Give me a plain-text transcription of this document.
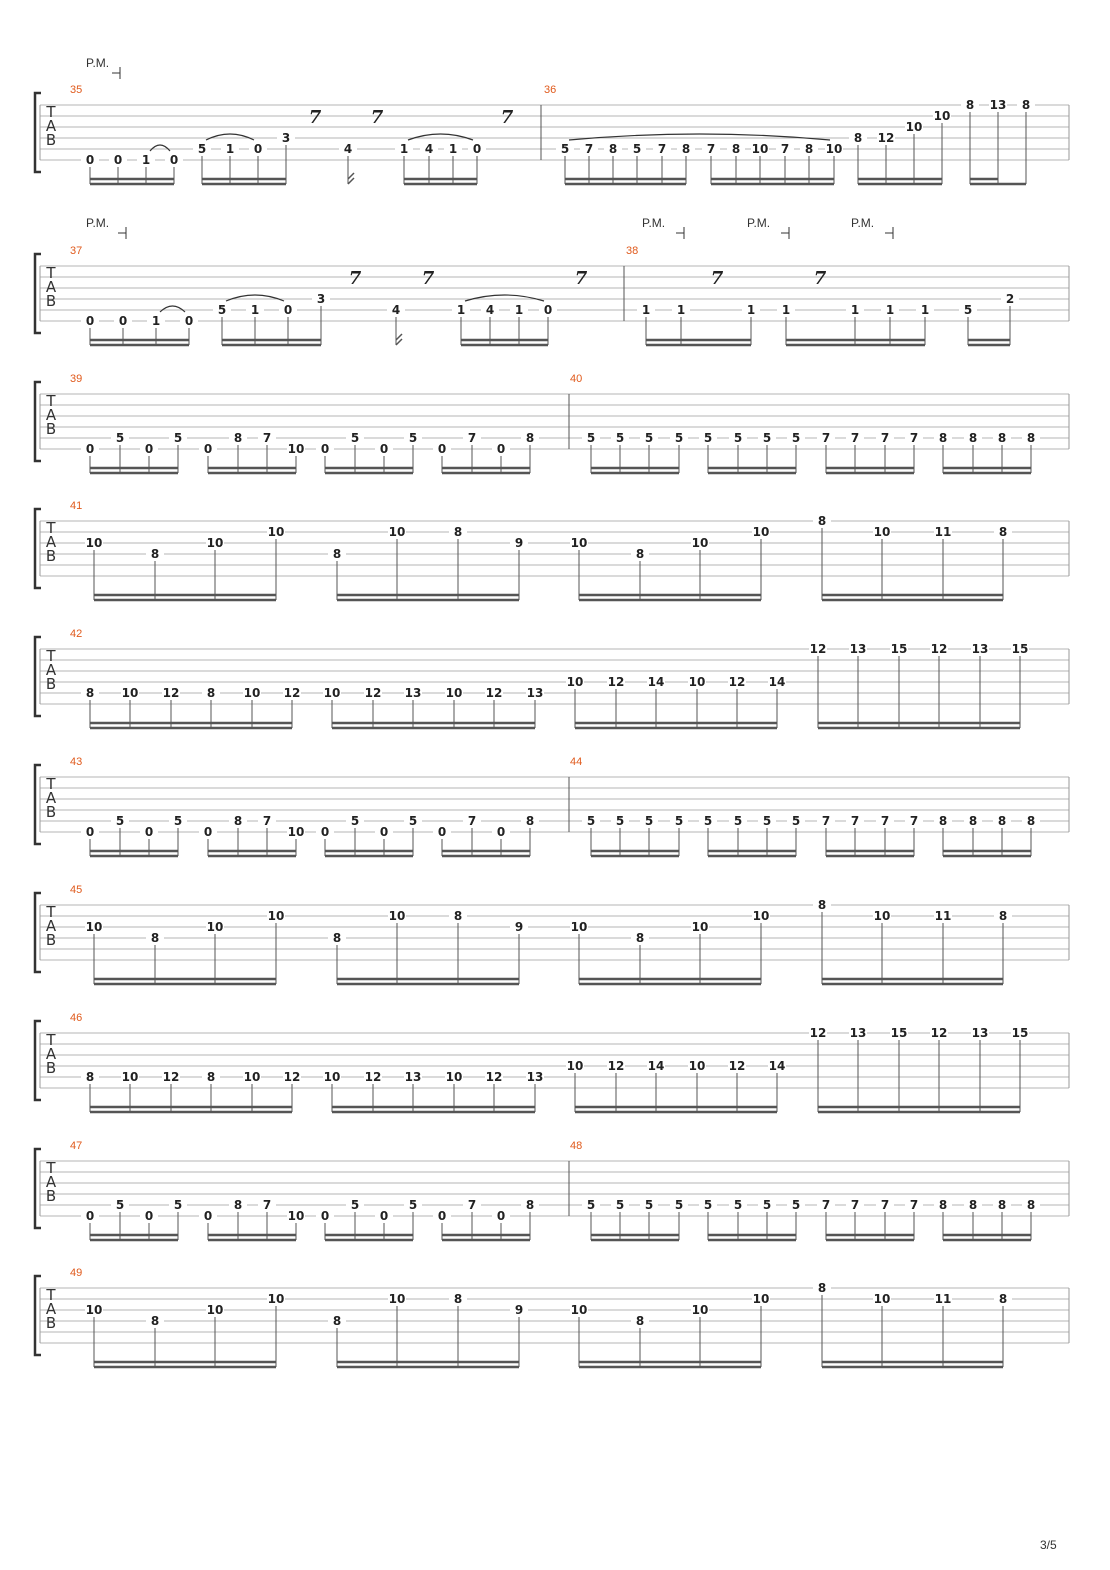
T
A
B
35	36
0 0 1 0
5 1 0
3
4	1 4 1 0	5 7 8 5 7 8 7 8 10 7 8 10
8 12
10
10
8 13 8
7	7	7
P.M.
T
A
B
37	38
0 0 1 0
5 1 0
3
4	1 4 1 0	1 1	1 1	1 1 1	5
2
7	7	7	7	7
P.M.	P.M.	P.M.	P.M.
T
A
B
39	40
0
5
0
5
0
8 7
10 0
5
0
5
0
7
0
8	5 5 5 5 5 5 5 5 7 7 7 7 8 8 8 8
T
A
B
41
10
8
10
10
8
10	8
9	10
8
10
10
8
10	11	8
T
A
B
42
8 10 12 8 10 12 10 12 13 10 12 13
10 12 14 10 12 14
12 13 15 12 13 15
T
A
B
43	44
0
5
0
5
0
8 7
10 0
5
0
5
0
7
0
8	5 5 5 5 5 5 5 5 7 7 7 7 8 8 8 8
T
A
B
45
10
8
10
10
8
10	8
9	10
8
10
10
8
10	11	8
T
A
B
46
8 10 12 8 10 12 10 12 13 10 12 13
10 12 14 10 12 14
12 13 15 12 13 15
T
A
B
47	48
0
5
0
5
0
8 7
10 0
5
0
5
0
7
0
8	5 5 5 5 5 5 5 5 7 7 7 7 8 8 8 8
T
A
B
49
10
8
10
10
8
10	8
9	10
8
10
10
8
10	11	8
3/5
